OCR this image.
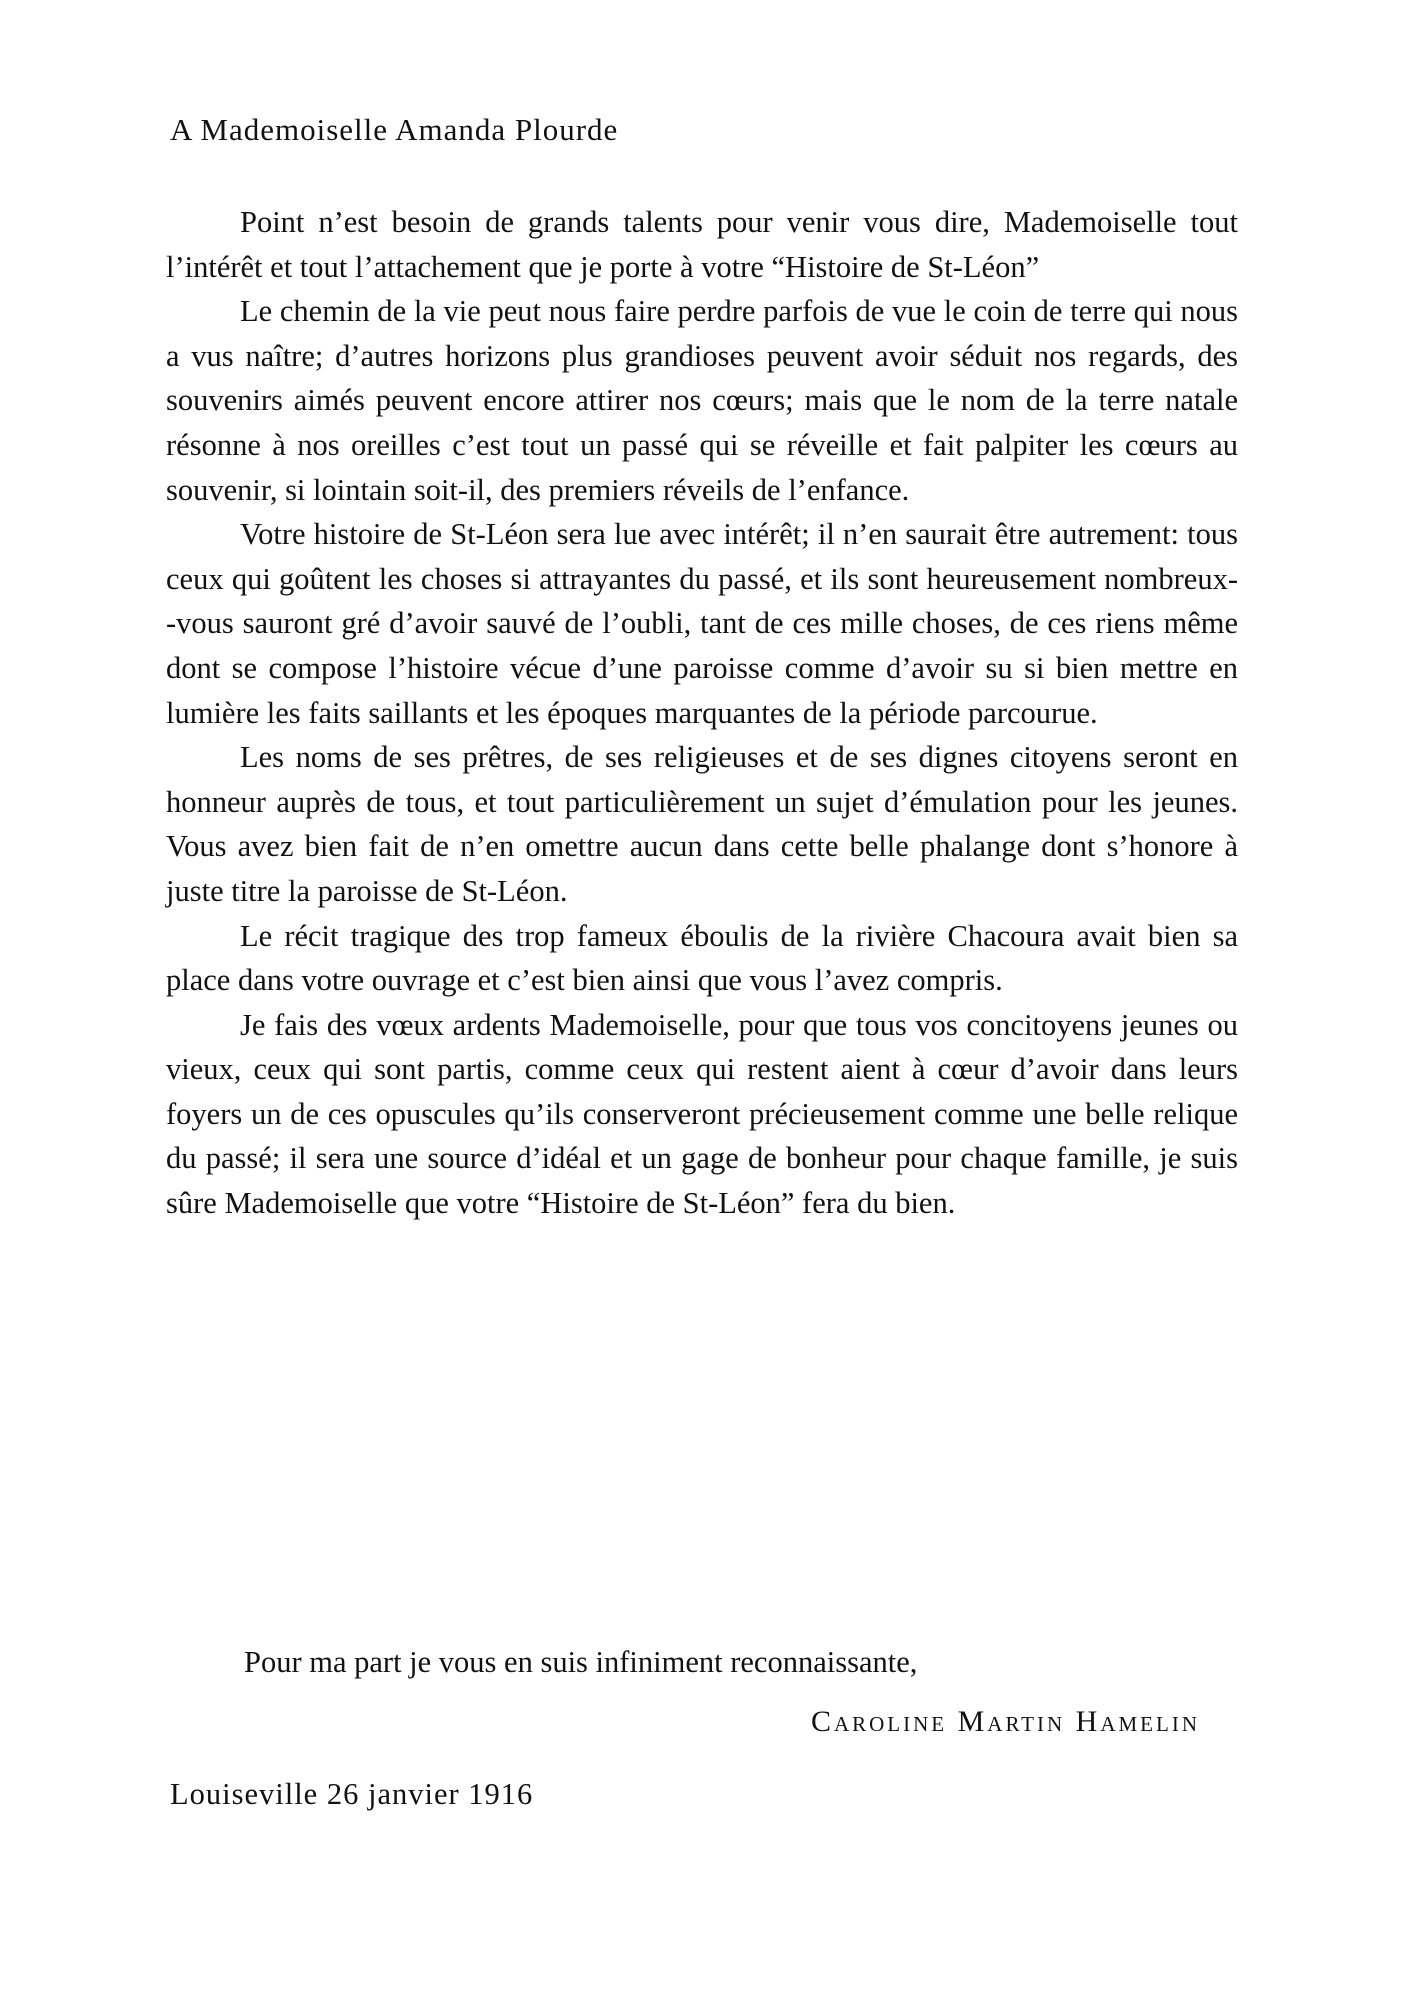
A Mademoiselle Amanda Plourde

Point n’est besoin de grands talents pour venir vous dire, Mademoiselle tout l’intérêt et tout l’attachement que je porte à votre “Histoire de St-Léon”

Le chemin de la vie peut nous faire perdre parfois de vue le coin de terre qui nous a vus naître; d’autres horizons plus grandioses peuvent avoir séduit nos regards, des souvenirs aimés peuvent encore attirer nos cœurs; mais que le nom de la terre natale résonne à nos oreilles c’est tout un passé qui se réveille et fait palpiter les cœurs au souvenir, si lointain soit-il, des premiers réveils de l’enfance.

Votre histoire de St-Léon sera lue avec intérêt; il n’en saurait être autrement: tous ceux qui goûtent les choses si attrayantes du passé, et ils sont heureusement nombreux--vous sauront gré d’avoir sauvé de l’oubli, tant de ces mille choses, de ces riens même dont se compose l’histoire vécue d’une paroisse comme d’avoir su si bien mettre en lumière les faits saillants et les époques marquantes de la période parcourue.

Les noms de ses prêtres, de ses religieuses et de ses dignes citoyens seront en honneur auprès de tous, et tout particulièrement un sujet d’émulation pour les jeunes. Vous avez bien fait de n’en omettre aucun dans cette belle phalange dont s’honore à juste titre la paroisse de St-Léon.

Le récit tragique des trop fameux éboulis de la rivière Chacoura avait bien sa place dans votre ouvrage et c’est bien ainsi que vous l’avez compris.

Je fais des vœux ardents Mademoiselle, pour que tous vos concitoyens jeunes ou vieux, ceux qui sont partis, comme ceux qui restent aient à cœur d’avoir dans leurs foyers un de ces opuscules qu’ils conserveront précieusement comme une belle relique du passé; il sera une source d’idéal et un gage de bonheur pour chaque famille, je suis sûre Mademoiselle que votre “Histoire de St-Léon” fera du bien.

Pour ma part je vous en suis infiniment reconnaissante,
Caroline Martin Hamelin
Louiseville 26 janvier 1916
